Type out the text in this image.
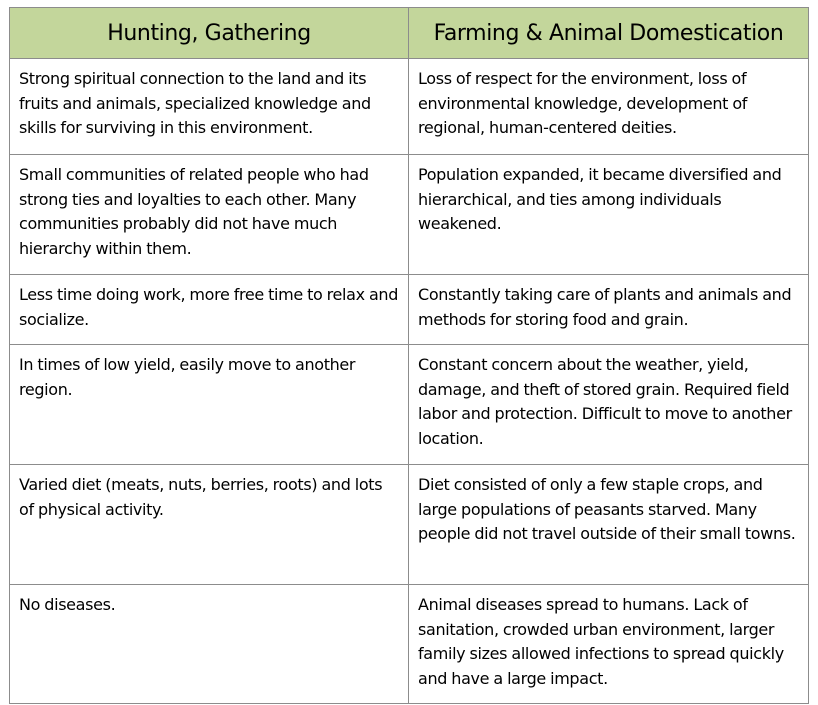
Hunting, Gathering	Farming & Animal Domestication
Strong spiritual connection to the land and its fruits and animals, specialized knowledge and skills for surviving in this environment.	Loss of respect for the environment, loss of environmental knowledge, development of regional, human-centered deities.
Small communities of related people who had strong ties and loyalties to each other. Many communities probably did not have much hierarchy within them.	Population expanded, it became diversified and hierarchical, and ties among individuals weakened.
Less time doing work, more free time to relax and socialize.	Constantly taking care of plants and animals and methods for storing food and grain.
In times of low yield, easily move to another region.	Constant concern about the weather, yield, damage, and theft of stored grain. Required field labor and protection. Difficult to move to another location.
Varied diet (meats, nuts, berries, roots) and lots of physical activity.	Diet consisted of only a few staple crops, and large populations of peasants starved. Many people did not travel outside of their small towns.
No diseases.	Animal diseases spread to humans. Lack of sanitation, crowded urban environment, larger family sizes allowed infections to spread quickly and have a large impact.
